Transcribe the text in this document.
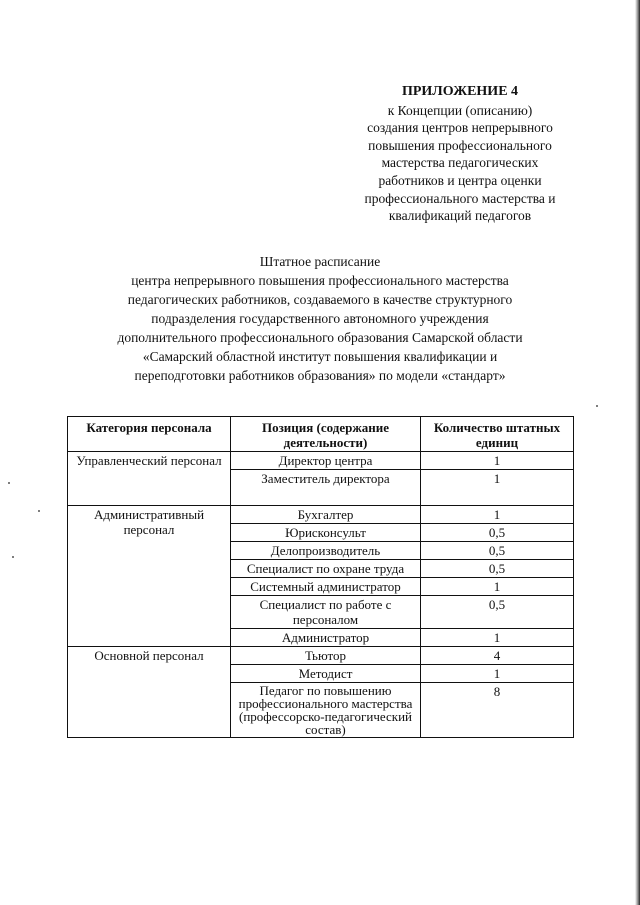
ПРИЛОЖЕНИЕ 4
к Концепции (описанию)
создания центров непрерывного
повышения профессионального
мастерства педагогических
работников и центра оценки
профессионального мастерства и
квалификаций педагогов
Штатное расписание
центра непрерывного повышения профессионального мастерства
педагогических работников, создаваемого в качестве структурного
подразделения государственного автономного учреждения
дополнительного профессионального образования Самарской области
«Самарский областной институт повышения квалификации и
переподготовки работников образования» по модели «стандарт»
Категория персонала	Позиция (содержание деятельности)	Количество штатных единиц
Управленческий персонал	Директор центра	1
	Заместитель директора	1
Административный персонал	Бухгалтер	1
	Юрисконсульт	0,5
	Делопроизводитель	0,5
	Специалист по охране труда	0,5
	Системный администратор	1
	Специалист по работе с персоналом	0,5
	Администратор	1
Основной персонал	Тьютор	4
	Методист	1
	Педагог по повышению профессионального мастерства (профессорско-педагогический состав)	8
